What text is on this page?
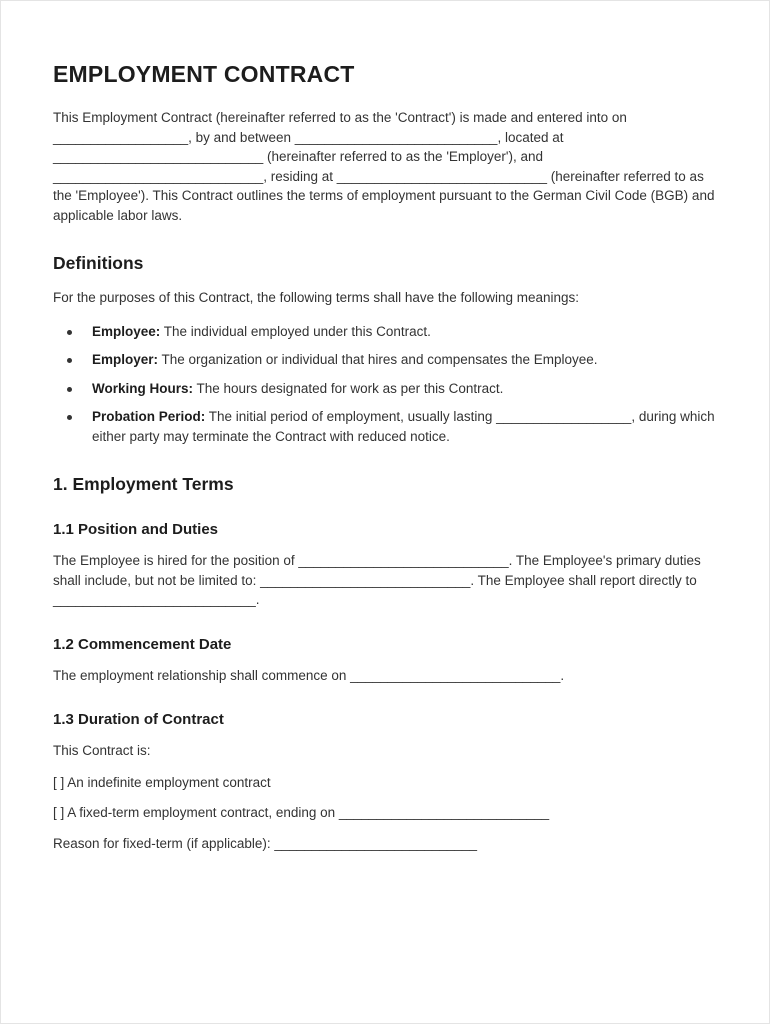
EMPLOYMENT CONTRACT

This Employment Contract (hereinafter referred to as the 'Contract') is made and entered into on __________________, by and between ___________________________, located at ____________________________ (hereinafter referred to as the 'Employer'), and ____________________________, residing at ____________________________ (hereinafter referred to as the 'Employee'). This Contract outlines the terms of employment pursuant to the German Civil Code (BGB) and applicable labor laws.

Definitions

For the purposes of this Contract, the following terms shall have the following meanings:

Employee: The individual employed under this Contract.
Employer: The organization or individual that hires and compensates the Employee.
Working Hours: The hours designated for work as per this Contract.
Probation Period: The initial period of employment, usually lasting __________________, during which either party may terminate the Contract with reduced notice.
1. Employment Terms
1.1 Position and Duties

The Employee is hired for the position of ____________________________. The Employee's primary duties shall include, but not be limited to: ____________________________. The Employee shall report directly to ___________________________.

1.2 Commencement Date

The employment relationship shall commence on ____________________________.

1.3 Duration of Contract

This Contract is:

[ ] An indefinite employment contract

[ ] A fixed-term employment contract, ending on ____________________________

Reason for fixed-term (if applicable): ___________________________
